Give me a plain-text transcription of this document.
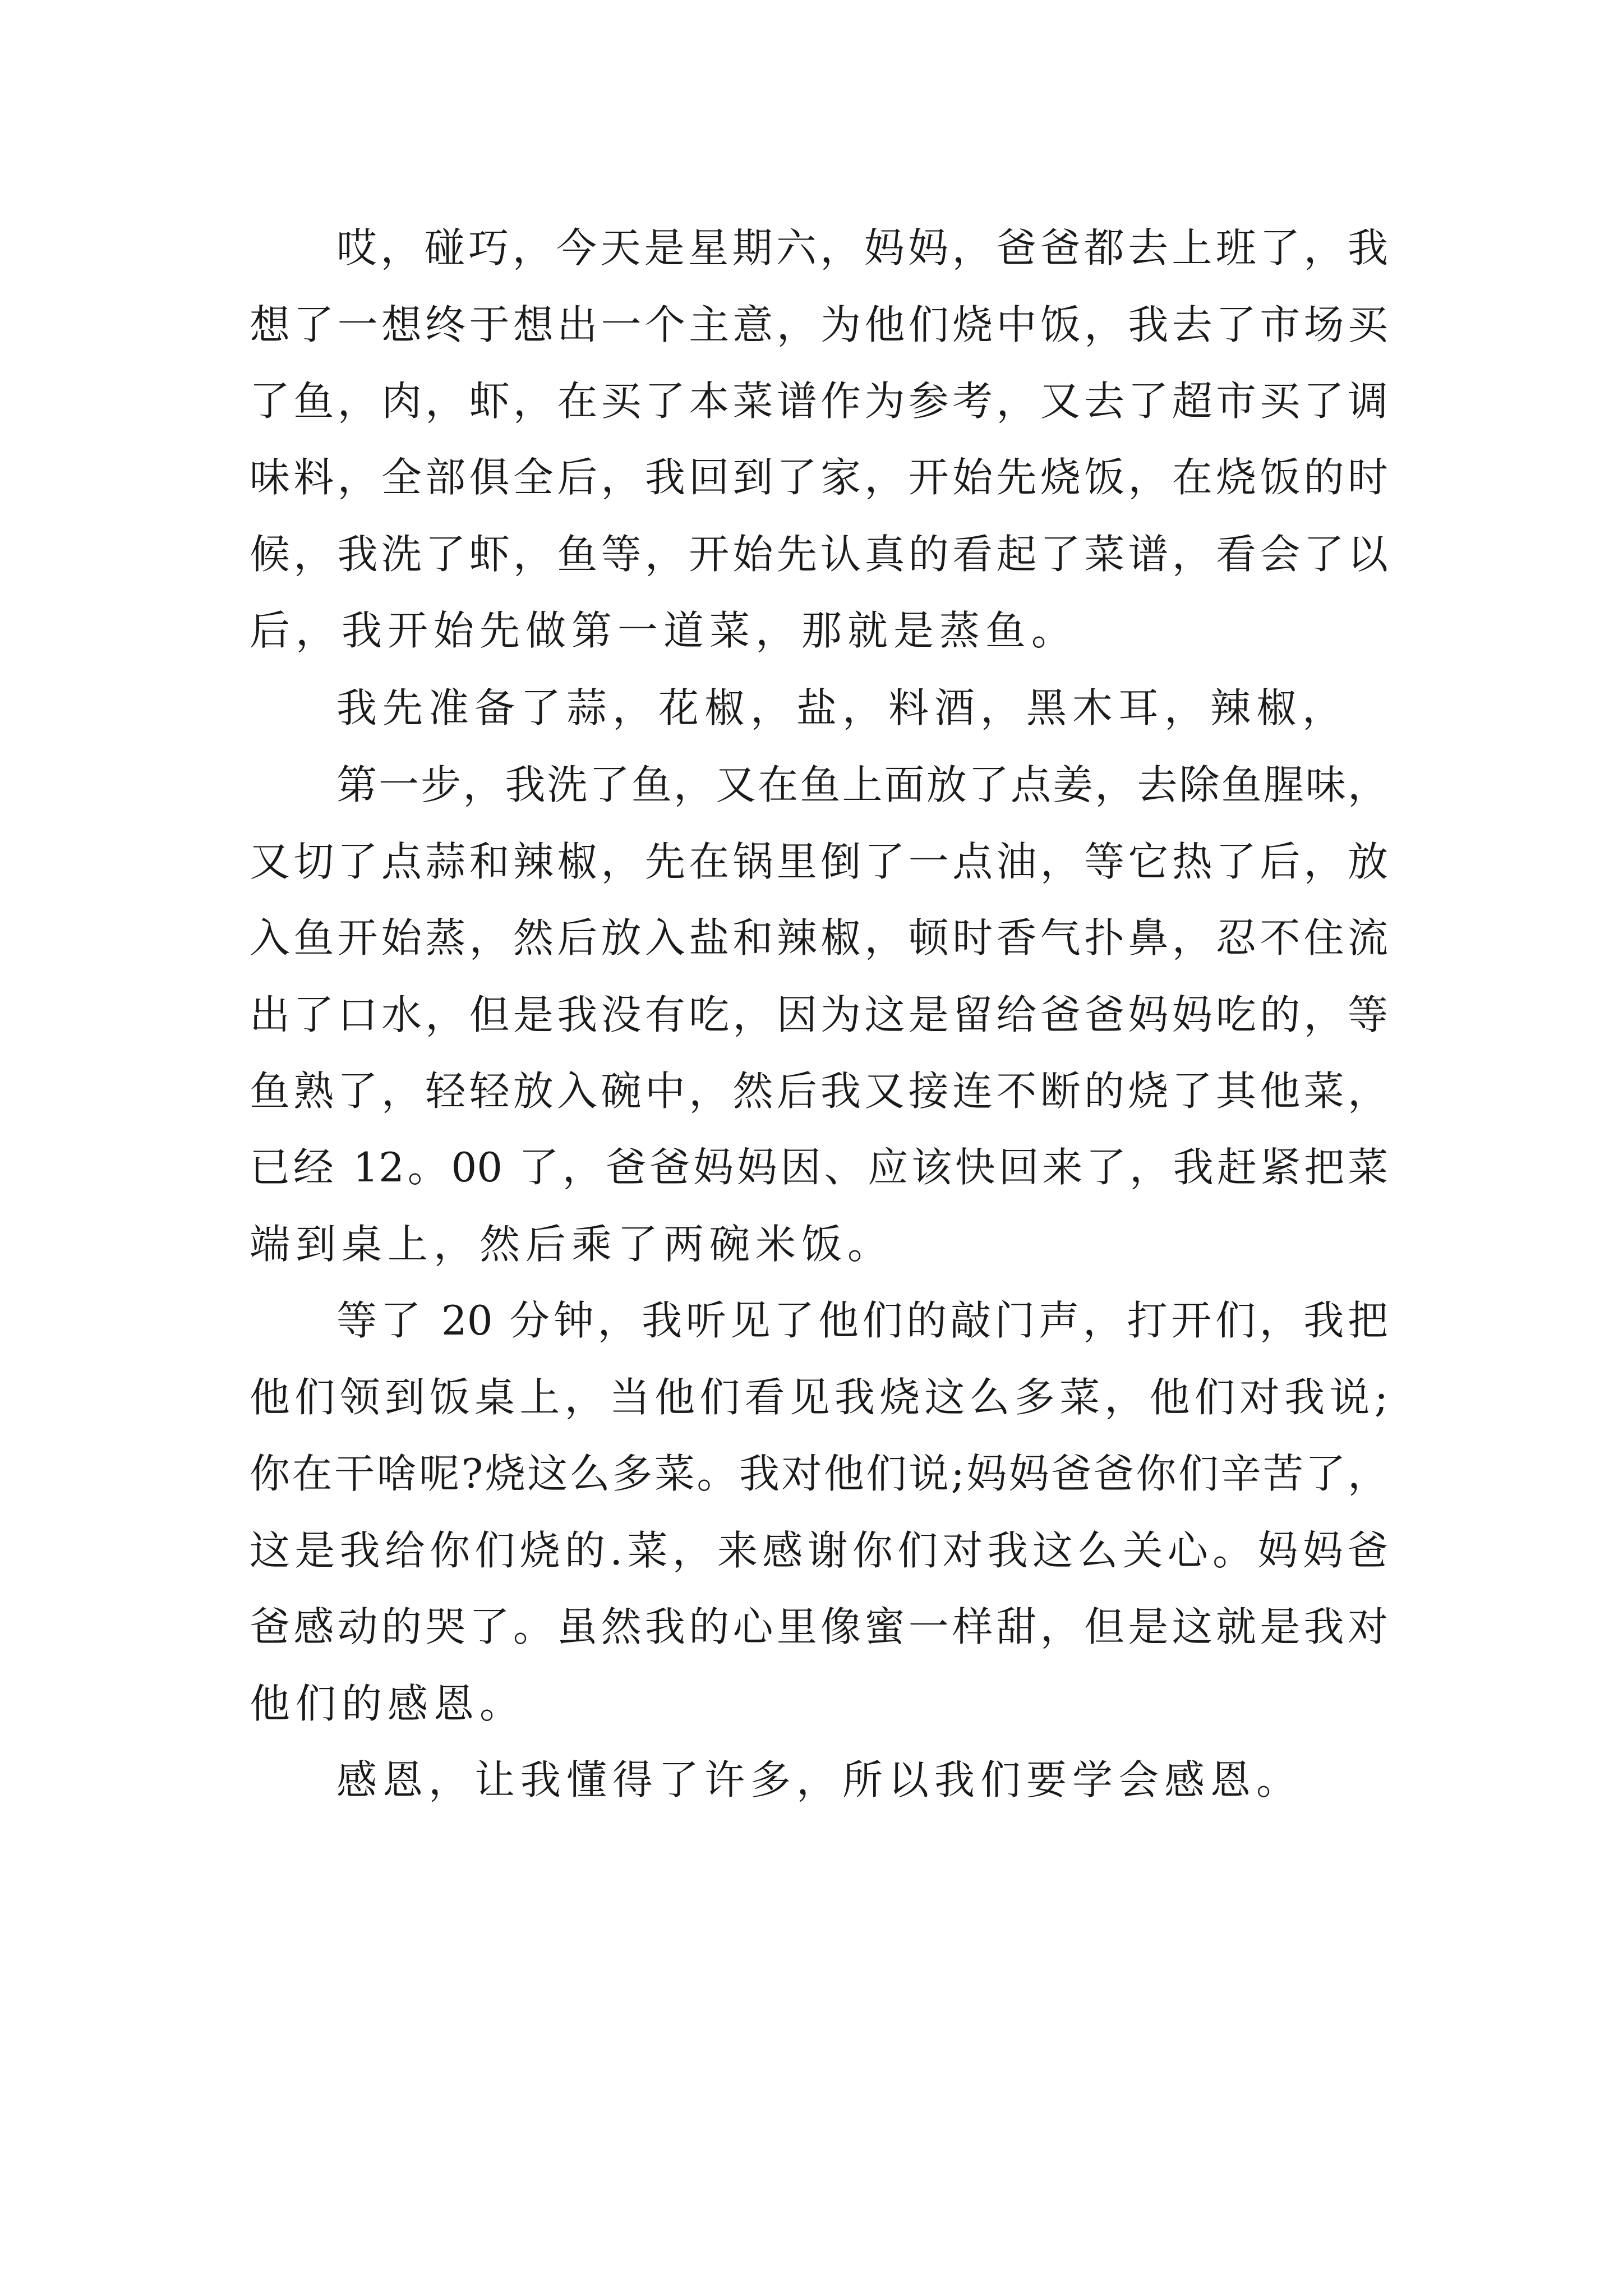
哎，碰巧，今天是星期六，妈妈，爸爸都去上班了，我
想了一想终于想出一个主意，为他们烧中饭，我去了市场买
了鱼，肉，虾，在买了本菜谱作为参考，又去了超市买了调
味料，全部俱全后，我回到了家，开始先烧饭，在烧饭的时
候，我洗了虾，鱼等，开始先认真的看起了菜谱，看会了以
后，我开始先做第一道菜，那就是蒸鱼。
我先准备了蒜，花椒，盐，料酒，黑木耳，辣椒，
第一步，我洗了鱼，又在鱼上面放了点姜，去除鱼腥味，
又切了点蒜和辣椒，先在锅里倒了一点油，等它热了后，放
入鱼开始蒸，然后放入盐和辣椒，顿时香气扑鼻，忍不住流
出了口水，但是我没有吃，因为这是留给爸爸妈妈吃的，等
鱼熟了，轻轻放入碗中，然后我又接连不断的烧了其他菜，
已经 12。00 了，爸爸妈妈因、应该快回来了，我赶紧把菜
端到桌上，然后乘了两碗米饭。
等了 20 分钟，我听见了他们的敲门声，打开们，我把
他们领到饭桌上，当他们看见我烧这么多菜，他们对我说;
你在干啥呢?烧这么多菜。我对他们说;妈妈爸爸你们辛苦了，
这是我给你们烧的.菜，来感谢你们对我这么关心。妈妈爸
爸感动的哭了。虽然我的心里像蜜一样甜，但是这就是我对
他们的感恩。
感恩，让我懂得了许多，所以我们要学会感恩。
